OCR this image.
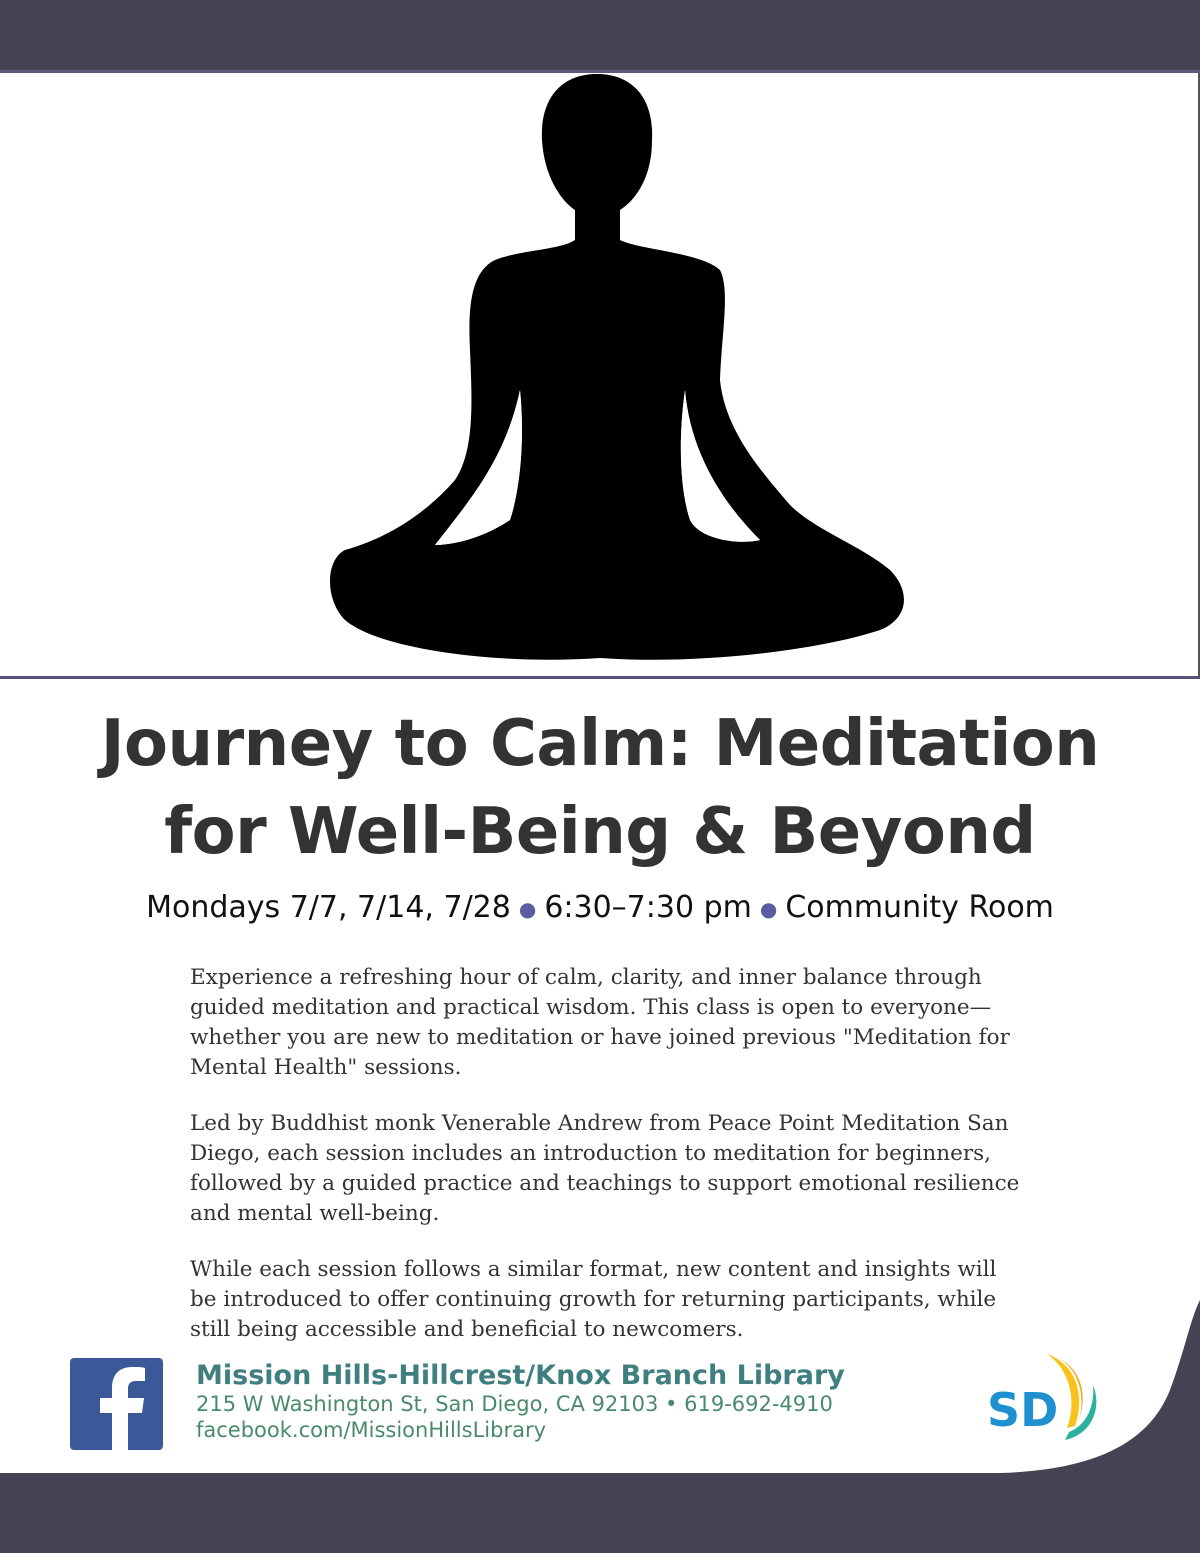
Journey to Calm: Meditation
for Well-Being & Beyond
Mondays 7/7, 7/14, 7/28 ● 6:30–7:30 pm ● Community Room

Experience a refreshing hour of calm, clarity, and inner balance through guided meditation and practical wisdom. This class is open to everyone—whether you are new to meditation or have joined previous "Meditation for Mental Health" sessions.

Led by Buddhist monk Venerable Andrew from Peace Point Meditation San Diego, each session includes an introduction to meditation for beginners, followed by a guided practice and teachings to support emotional resilience and mental well-being.

While each session follows a similar format, new content and insights will be introduced to offer continuing growth for returning participants, while still being accessible and beneficial to newcomers.

Mission Hills-Hillcrest/Knox Branch Library
215 W Washington St, San Diego, CA 92103 • 619-692-4910
facebook.com/MissionHillsLibrary	SD
